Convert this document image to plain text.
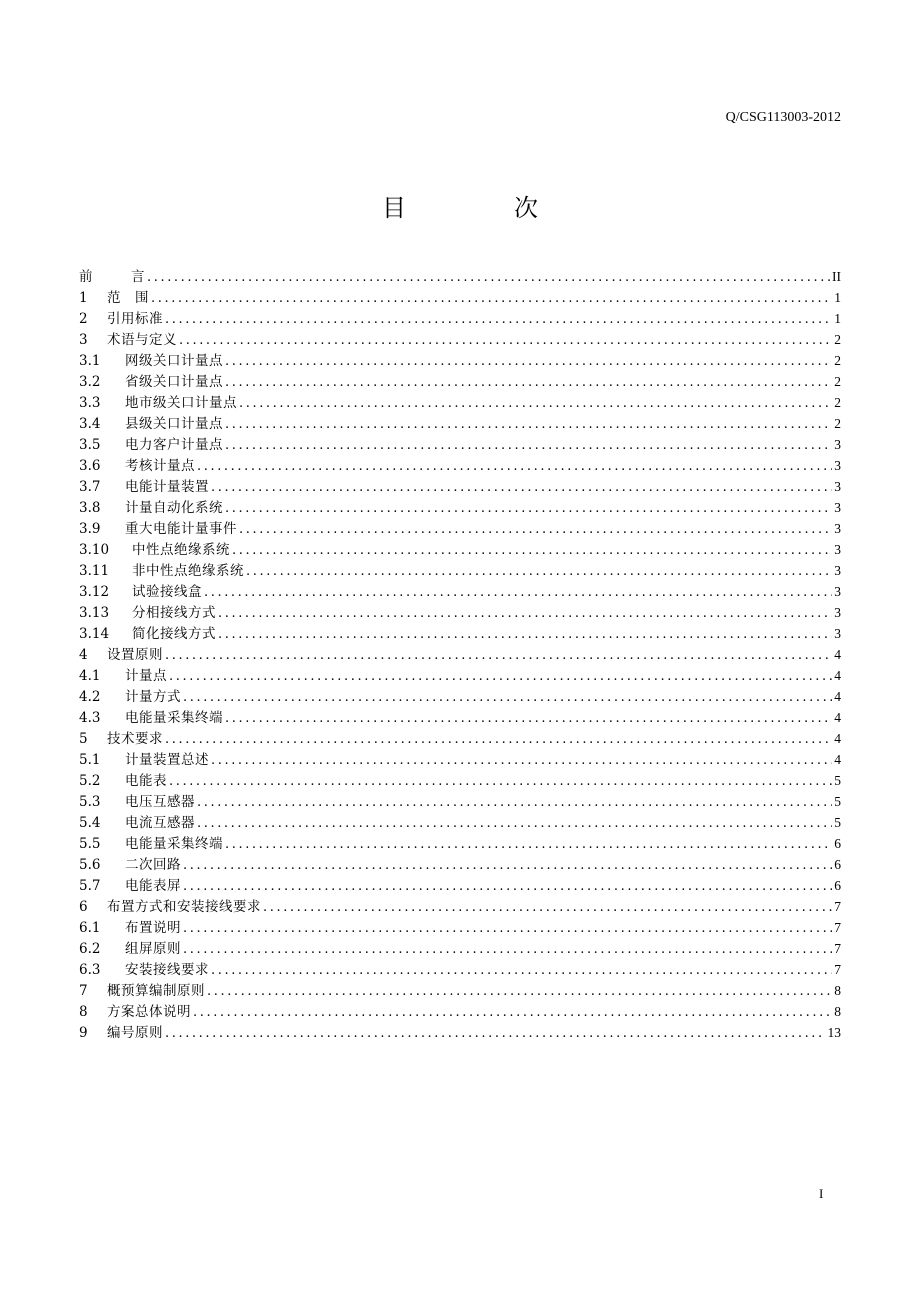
Q/CSG113003-2012
目　次
前	言 .....	II
1	范　围 .....	1
2	引用标准 .....	1
3	术语与定义 .....	2
3.1	网级关口计量点 .....	2
3.2	省级关口计量点 .....	2
3.3	地市级关口计量点 .....	2
3.4	县级关口计量点 .....	2
3.5	电力客户计量点 .....	3
3.6	考核计量点 .....	3
3.7	电能计量装置 .....	3
3.8	计量自动化系统 .....	3
3.9	重大电能计量事件 .....	3
3.10	中性点绝缘系统 .....	3
3.11	非中性点绝缘系统 .....	3
3.12	试验接线盒 .....	3
3.13	分相接线方式 .....	3
3.14	简化接线方式 .....	3
4	设置原则 .....	4
4.1	计量点 .....	4
4.2	计量方式 .....	4
4.3	电能量采集终端 .....	4
5	技术要求 .....	4
5.1	计量装置总述 .....	4
5.2	电能表 .....	5
5.3	电压互感器 .....	5
5.4	电流互感器 .....	5
5.5	电能量采集终端 .....	6
5.6	二次回路 .....	6
5.7	电能表屏 .....	6
6	布置方式和安装接线要求 .....	7
6.1	布置说明 .....	7
6.2	组屏原则 .....	7
6.3	安装接线要求 .....	7
7	概预算编制原则 .....	8
8	方案总体说明 .....	8
9	编号原则 .....	13
I
